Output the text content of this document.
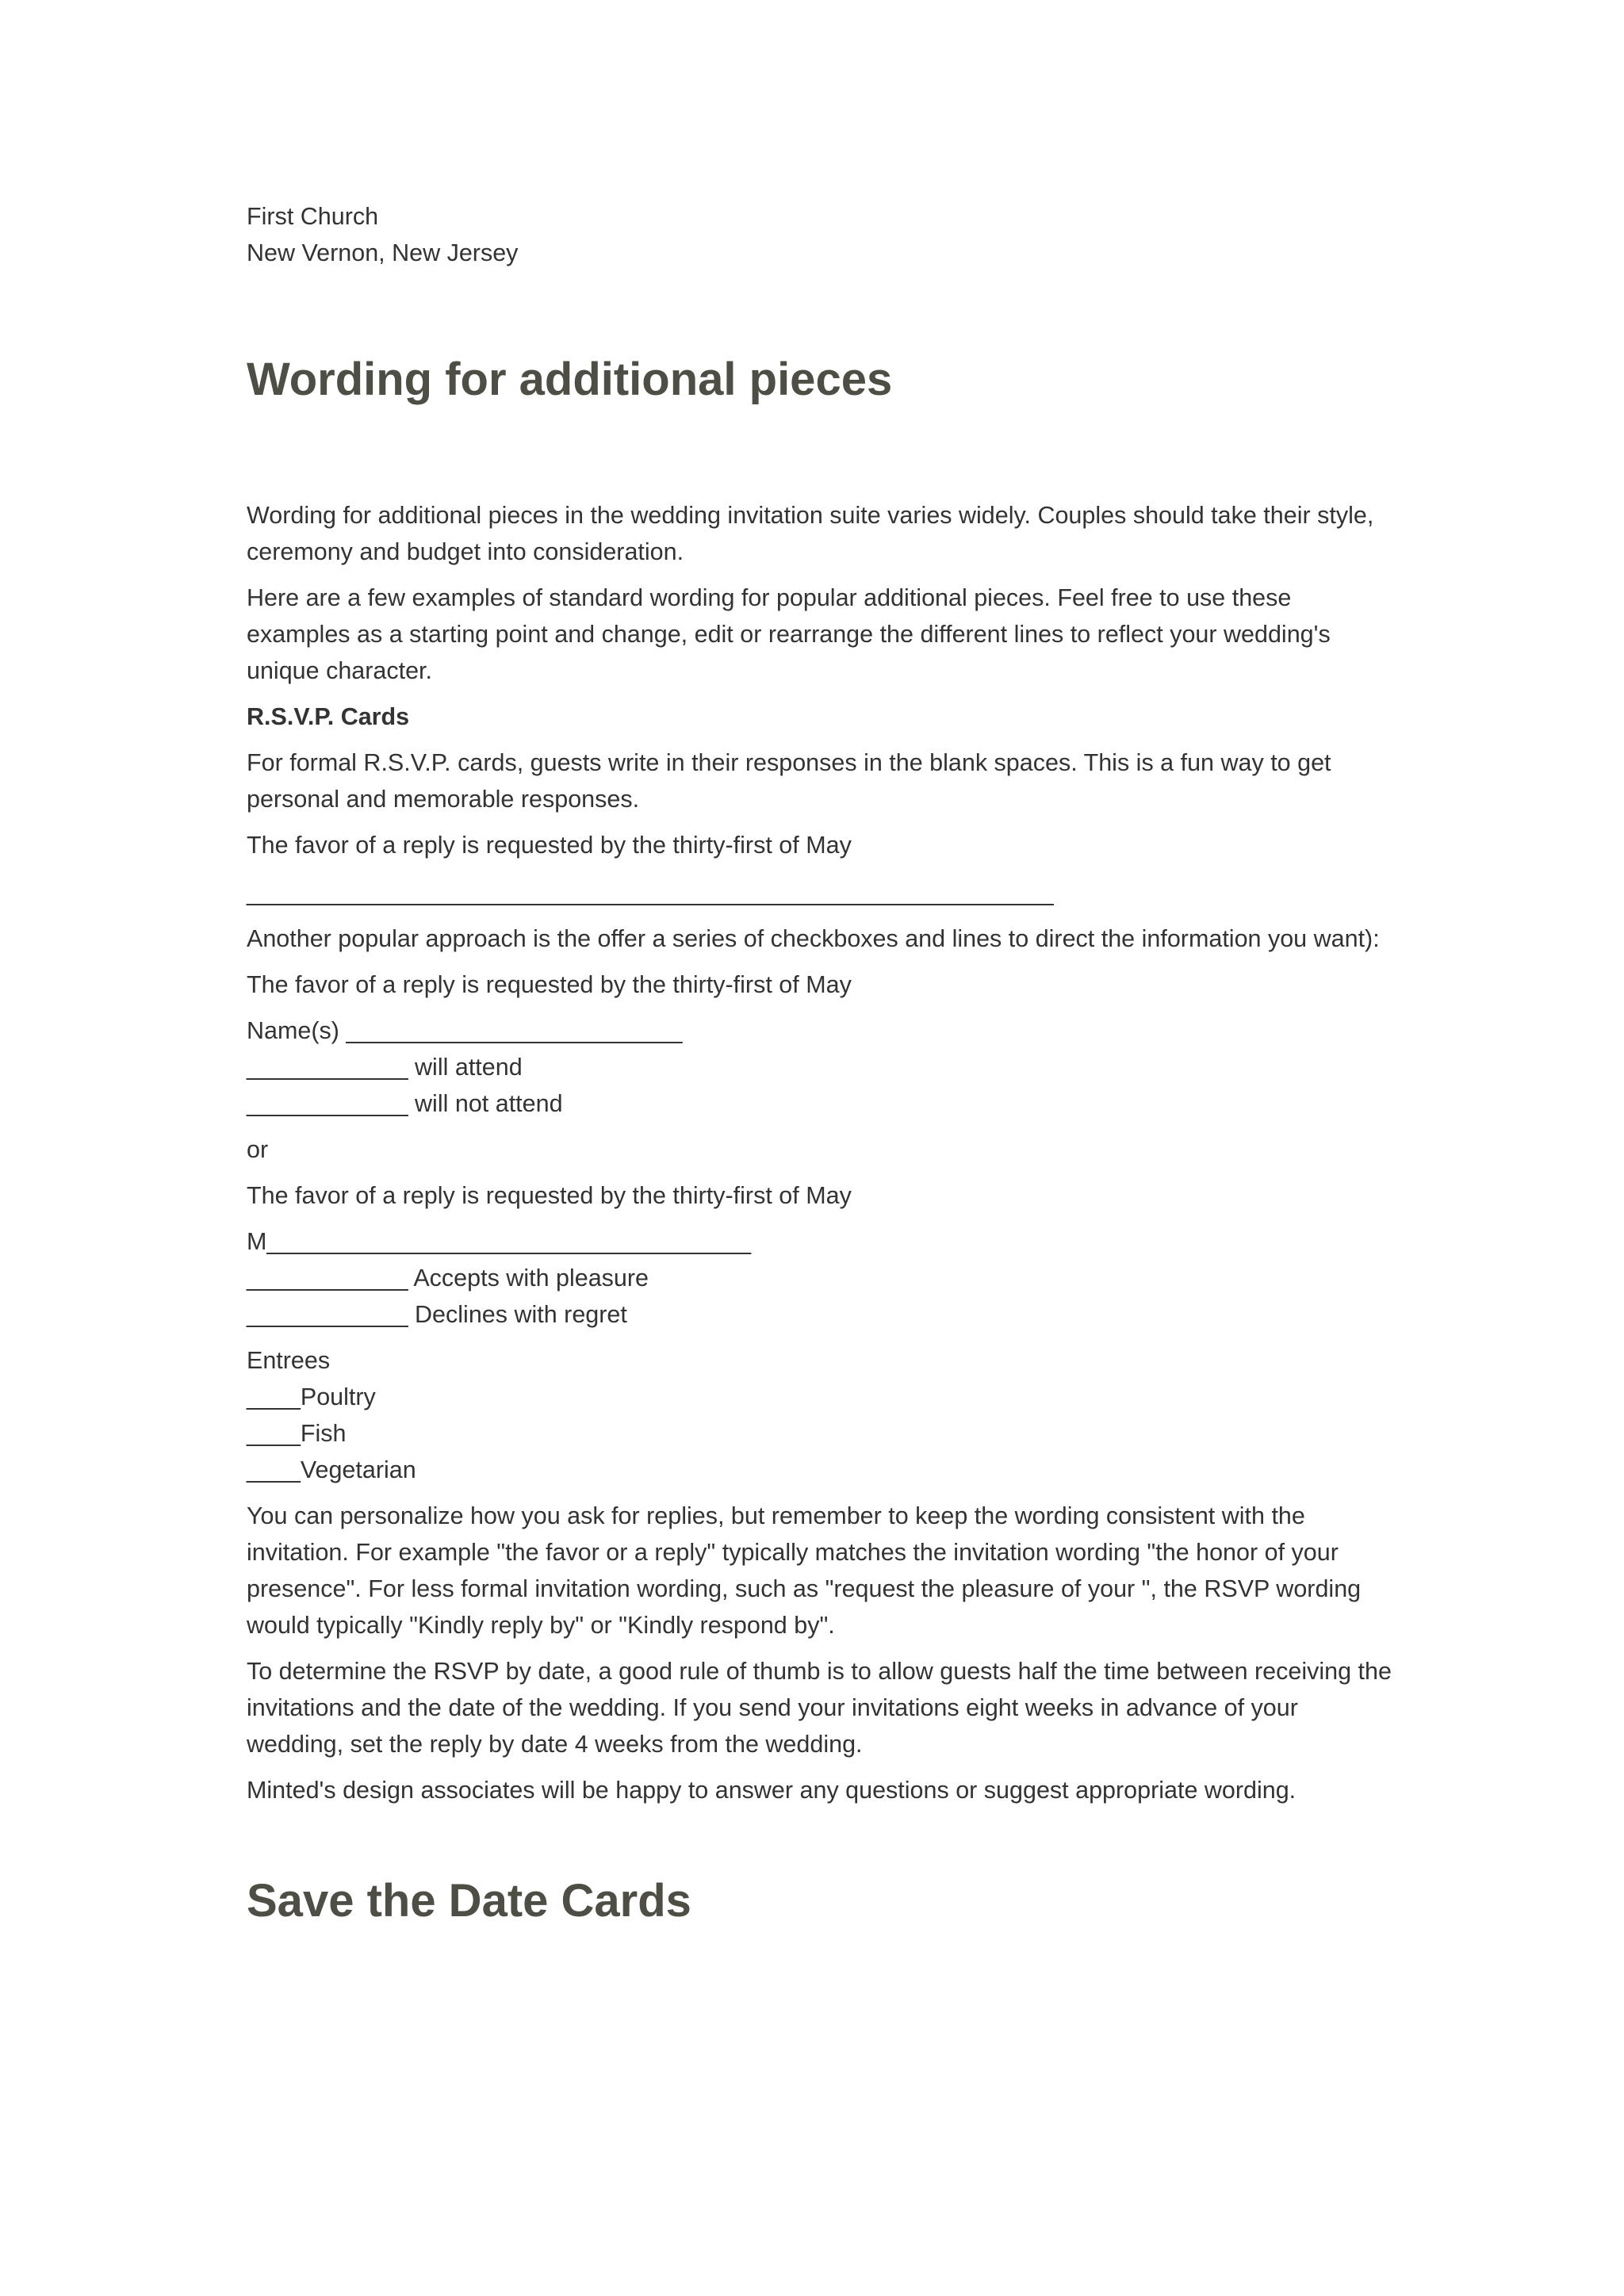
First Church
New Vernon, New Jersey
Wording for additional pieces

Wording for additional pieces in the wedding invitation suite varies widely. Couples should take their style, ceremony and budget into consideration.

Here are a few examples of standard wording for popular additional pieces. Feel free to use these examples as a starting point and change, edit or rearrange the different lines to reflect your wedding's unique character.

R.S.V.P. Cards

For formal R.S.V.P. cards, guests write in their responses in the blank spaces. This is a fun way to get personal and memorable responses.

The favor of a reply is requested by the thirty-first of May
____________________________________________________________

Another popular approach is the offer a series of checkboxes and lines to direct the information you want):

The favor of a reply is requested by the thirty-first of May

Name(s) _________________________
____________ will attend
____________ will not attend

or

The favor of a reply is requested by the thirty-first of May

M____________________________________
____________ Accepts with pleasure
____________ Declines with regret
Entrees
____Poultry
____Fish
____Vegetarian

You can personalize how you ask for replies, but remember to keep the wording consistent with the invitation. For example "the favor or a reply" typically matches the invitation wording "the honor of your presence". For less formal invitation wording, such as "request the pleasure of your ", the RSVP wording would typically "Kindly reply by" or "Kindly respond by".

To determine the RSVP by date, a good rule of thumb is to allow guests half the time between receiving the invitations and the date of the wedding. If you send your invitations eight weeks in advance of your wedding, set the reply by date 4 weeks from the wedding.

Minted's design associates will be happy to answer any questions or suggest appropriate wording.

Save the Date Cards
